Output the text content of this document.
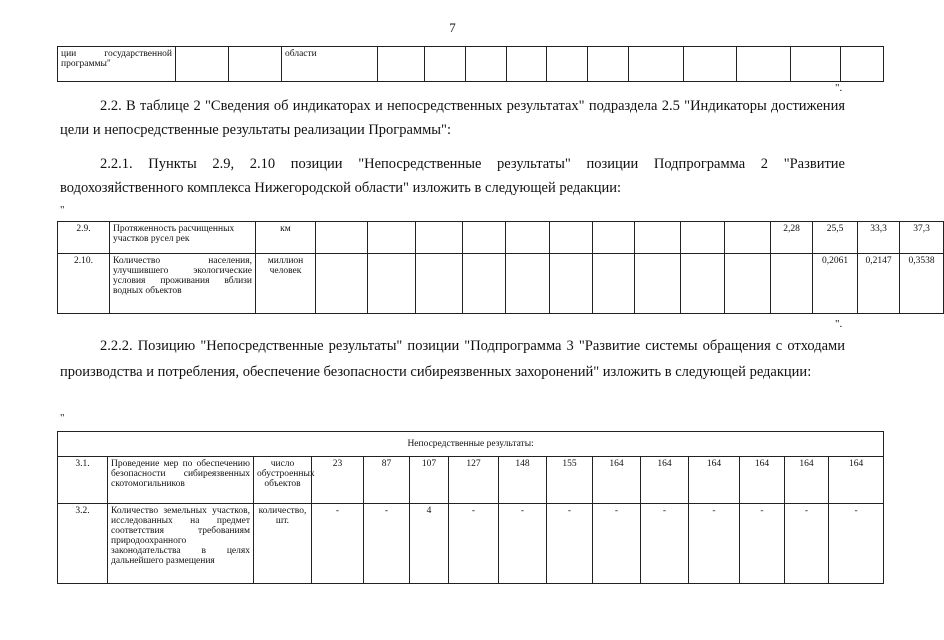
7
ции государственной программы"			области											
".
2.2. В таблице 2 "Сведения об индикаторах и непосредственных результатах" подраздела 2.5 "Индикаторы достижения цели и непосредственные результаты реализации Программы":
2.2.1. Пункты 2.9, 2.10 позиции "Непосредственные результаты" позиции Подпрограмма 2 "Развитие водохозяйственного комплекса Нижегородской области" изложить в следующей редакции:
"
2.9.	Протяженность расчищенных участков русел рек	км											2,28	25,5	33,3	37,3	
2.10.	Количество населения, улучшившего экологические условия проживания вблизи водных объектов	миллион человек												0,2061	0,2147	0,3538	
".
2.2.2. Позицию "Непосредственные результаты" позиции "Подпрограмма 3 "Развитие системы обращения с отходами производства и потребления, обеспечение безопасности сибиреязвенных захоронений" изложить в следующей редакции:
"
Непосредственные результаты:														
3.1.	Проведение мер по обеспечению безопасности сибиреязвенных скотомогильников	число обустроенных объектов	23	87	107	127	148	155	164	164	164	164	164	164
3.2.	Количество земельных участков, исследованных на предмет соответствия требованиям природоохранного законодательства в целях дальнейшего размещения	количество, шт.	-	-	4	-	-	-	-	-	-	-	-	-
